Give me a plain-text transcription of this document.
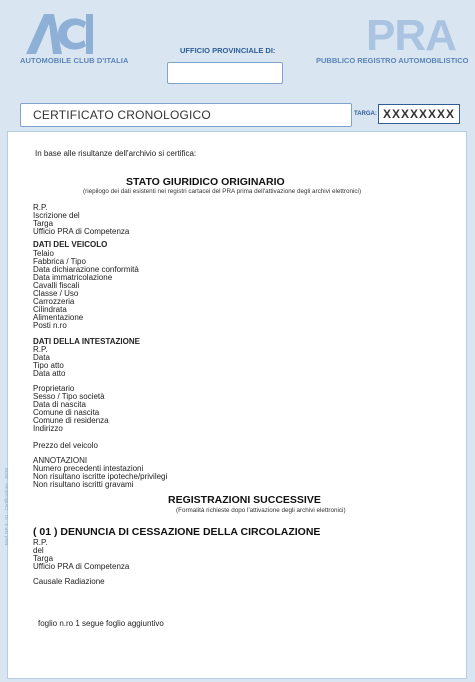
AUTOMOBILE CLUB D'ITALIA
UFFICIO PROVINCIALE DI: PRA
PUBBLICO REGISTRO AUTOMOBILISTICO
CERTIFICATO CRONOLOGICO	TARGA: XXXXXXXX
In base alle risultanze dell'archivio si certifica:
STATO GIURIDICO ORIGINARIO
(riepilogo dei dati esistenti nei registri cartacei del PRA prima dell'attivazione degli archivi elettronici)
R.P.
Iscrizione del
Targa
Ufficio PRA di Competenza
DATI DEL VEICOLO
Telaio
Fabbrica / Tipo
Data dichiarazione conformità
Data immatricolazione
Cavalli fiscali
Classe / Uso
Carrozzeria
Cilindrata
Alimentazione
Posti n.ro
DATI DELLA INTESTAZIONE
R.P.
Data
Tipo atto
Data atto
Proprietario
Sesso / Tipo società
Data di nascita
Comune di nascita
Comune di residenza
Indirizzo
Prezzo del veicolo
ANNOTAZIONI
Numero precedenti intestazioni
Non risultano iscritte ipoteche/privilegi
Non risultano iscritti gravami
REGISTRAZIONI SUCCESSIVE
(Formalità richieste dopo l'attivazione degli archivi elettronici)
( 01 ) DENUNCIA DI CESSAZIONE DELLA CIRCOLAZIONE
R.P.
del
Targa
Ufficio PRA di Competenza
Causale Radiazione
foglio n.ro 1 segue foglio aggiuntivo
Mod. NP-3 - 01 - Certificazione - 45/38
